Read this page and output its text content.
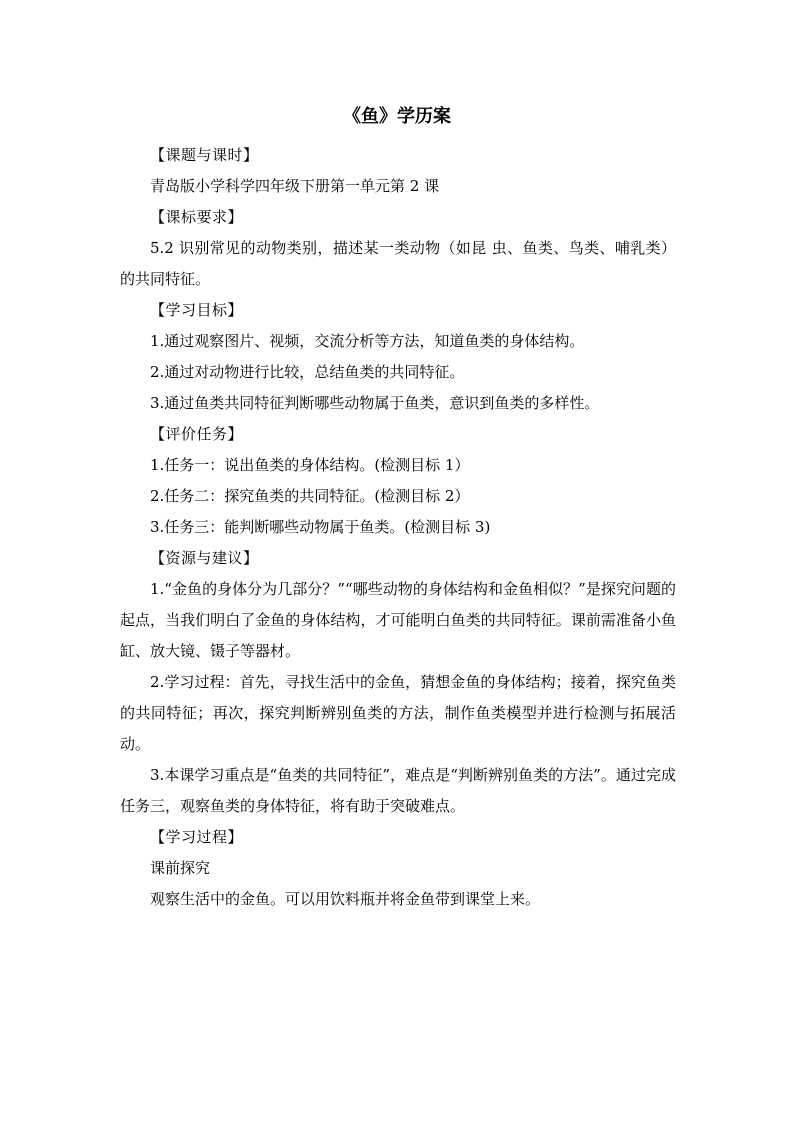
《鱼》学历案

【课题与课时】

青岛版小学科学四年级下册第一单元第 2 课

【课标要求】

5.2 识别常见的动物类别，描述某一类动物（如昆 虫、鱼类、鸟类、哺乳类）的共同特征。

【学习目标】

1.通过观察图片、视频，交流分析等方法，知道鱼类的身体结构。

2.通过对动物进行比较，总结鱼类的共同特征。

3.通过鱼类共同特征判断哪些动物属于鱼类，意识到鱼类的多样性。

【评价任务】

1.任务一：说出鱼类的身体结构。(检测目标 1）

2.任务二：探究鱼类的共同特征。(检测目标 2）

3.任务三：能判断哪些动物属于鱼类。(检测目标 3)

【资源与建议】

1.“金鱼的身体分为几部分？”“哪些动物的身体结构和金鱼相似？”是探究问题的起点，当我们明白了金鱼的身体结构，才可能明白鱼类的共同特征。课前需准备小鱼缸、放大镜、镊子等器材。

2.学习过程：首先，寻找生活中的金鱼，猜想金鱼的身体结构；接着，探究鱼类的共同特征；再次，探究判断辨别鱼类的方法，制作鱼类模型并进行检测与拓展活动。

3.本课学习重点是“鱼类的共同特征”，难点是“判断辨别鱼类的方法”。通过完成任务三，观察鱼类的身体特征，将有助于突破难点。

【学习过程】

课前探究

观察生活中的金鱼。可以用饮料瓶并将金鱼带到课堂上来。
